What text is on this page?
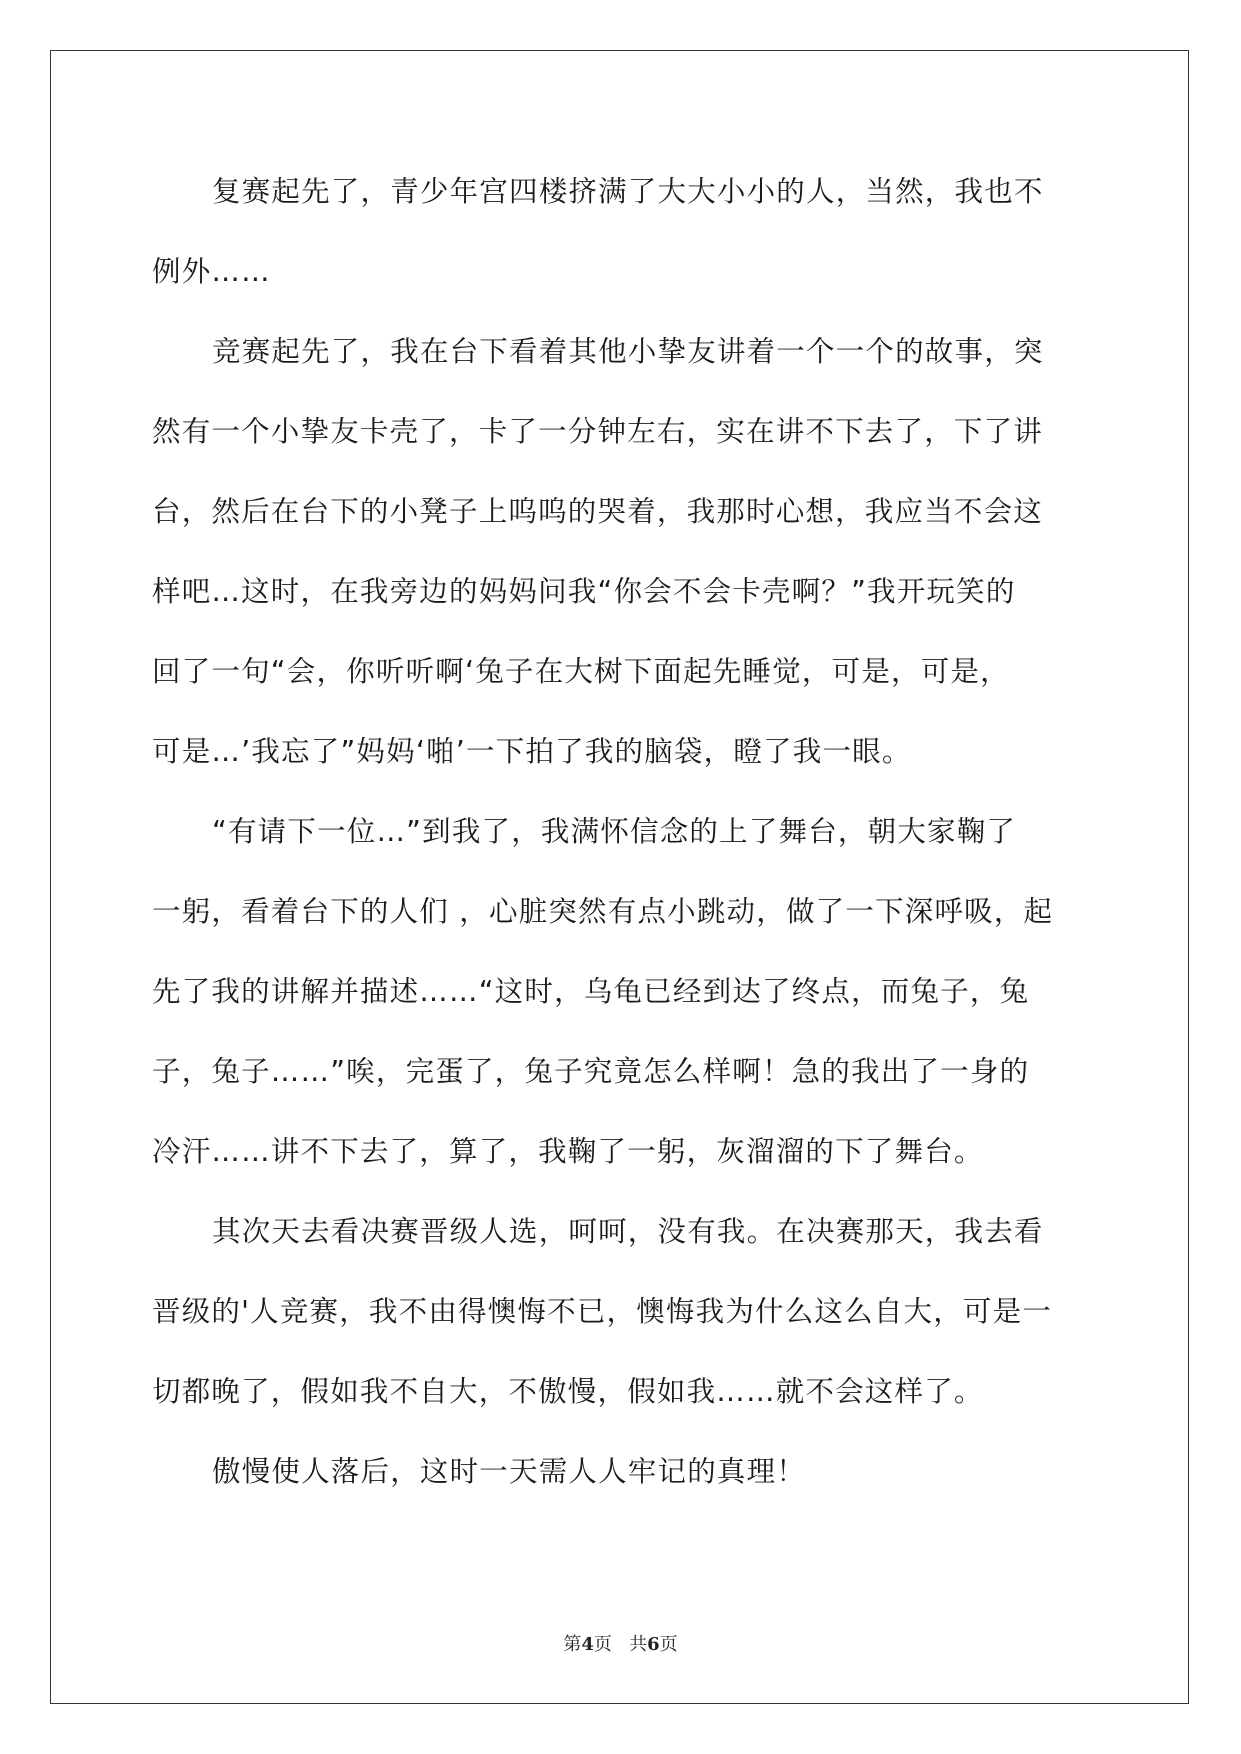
复赛起先了，青少年宫四楼挤满了大大小小的人，当然，我也不
例外……
竞赛起先了，我在台下看着其他小挚友讲着一个一个的故事，突
然有一个小挚友卡壳了，卡了一分钟左右，实在讲不下去了，下了讲
台，然后在台下的小凳子上呜呜的哭着，我那时心想，我应当不会这
样吧…这时，在我旁边的妈妈问我“你会不会卡壳啊？”我开玩笑的
回了一句“会，你听听啊‘兔子在大树下面起先睡觉，可是，可是，
可是…’我忘了”妈妈‘啪’一下拍了我的脑袋，瞪了我一眼。
“有请下一位…”到我了，我满怀信念的上了舞台，朝大家鞠了
一躬，看着台下的人们 ，心脏突然有点小跳动，做了一下深呼吸，起
先了我的讲解并描述……“这时，乌龟已经到达了终点，而兔子，兔
子，兔子……”唉，完蛋了，兔子究竟怎么样啊！急的我出了一身的
冷汗……讲不下去了，算了，我鞠了一躬，灰溜溜的下了舞台。
其次天去看决赛晋级人选，呵呵，没有我。在决赛那天，我去看
晋级的'人竞赛，我不由得懊悔不已，懊悔我为什么这么自大，可是一
切都晚了，假如我不自大，不傲慢，假如我……就不会这样了。
傲慢使人落后，这时一天需人人牢记的真理！
第4页 共6页
